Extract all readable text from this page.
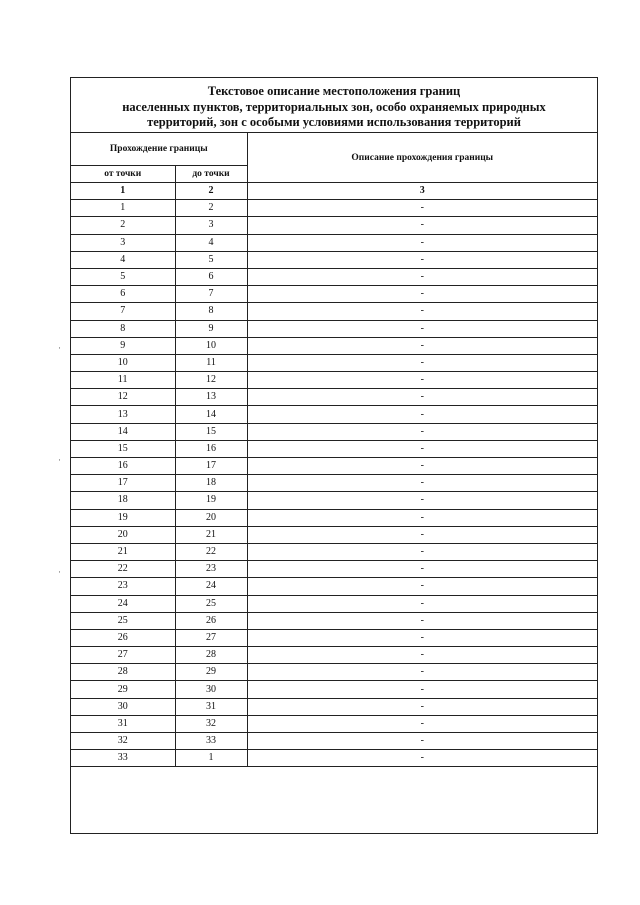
·
·
·
Текстовое описание местоположения границ
населенных пунктов, территориальных зон, особо охраняемых природных
территорий, зон с особыми условиями использования территорий
Прохождение границы		Описание прохождения границы
от точки	до точки	
1	2	3
1	2	-
2	3	-
3	4	-
4	5	-
5	6	-
6	7	-
7	8	-
8	9	-
9	10	-
10	11	-
11	12	-
12	13	-
13	14	-
14	15	-
15	16	-
16	17	-
17	18	-
18	19	-
19	20	-
20	21	-
21	22	-
22	23	-
23	24	-
24	25	-
25	26	-
26	27	-
27	28	-
28	29	-
29	30	-
30	31	-
31	32	-
32	33	-
33	1	-
